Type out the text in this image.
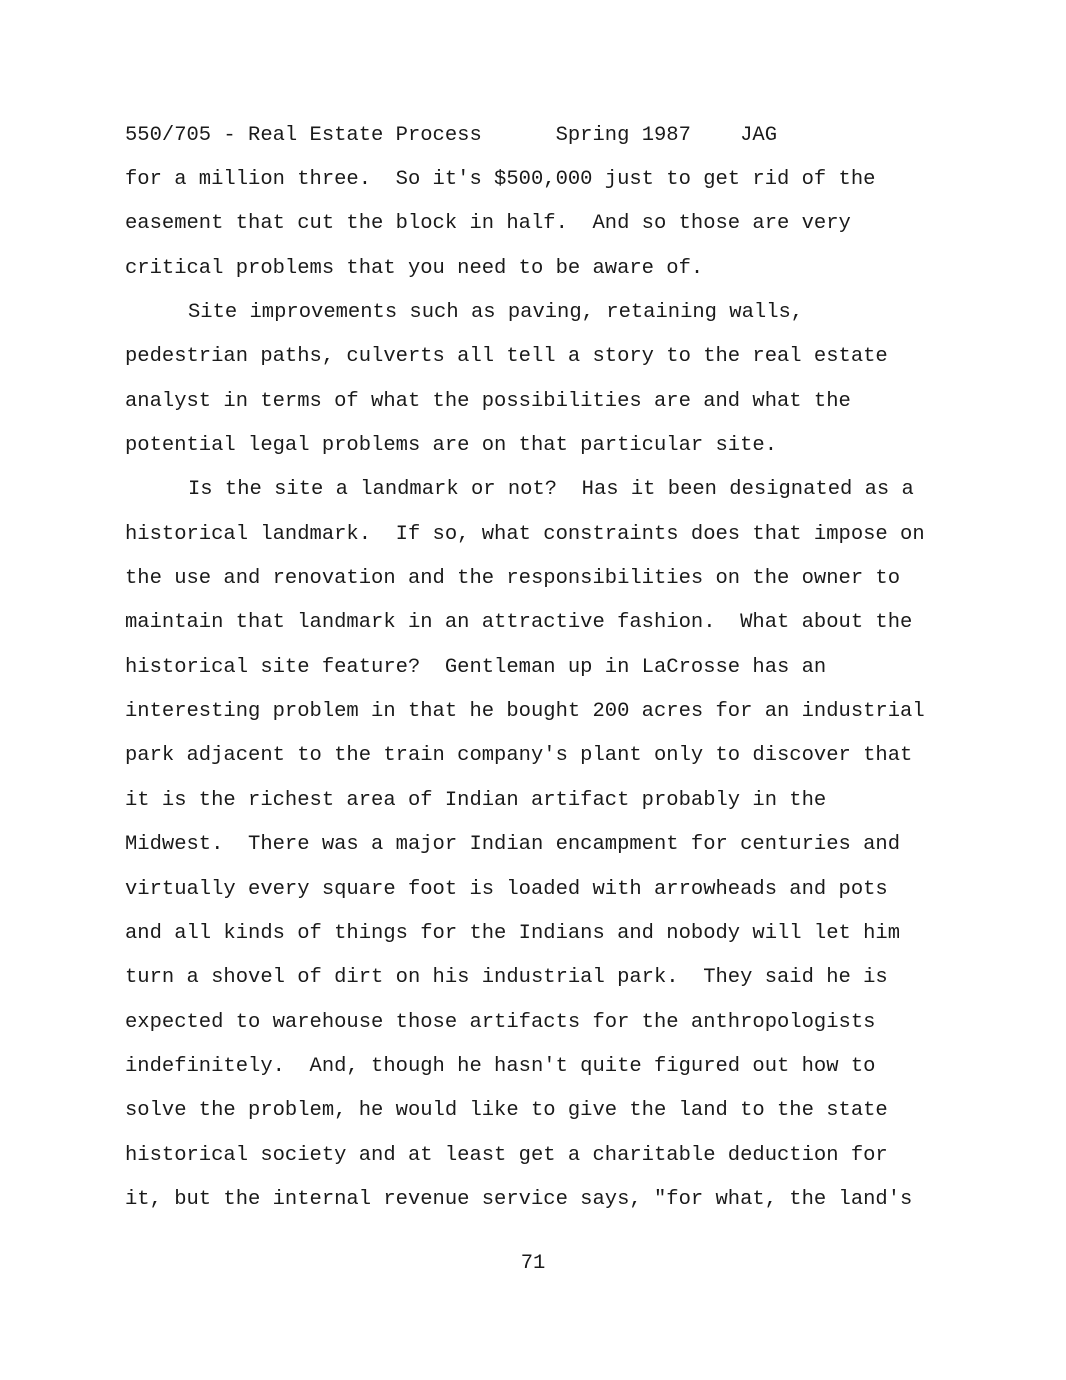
550/705 - Real Estate Process	Spring 1987 JAG
for a million three.  So it's $500,000 just to get rid of the
easement that cut the block in half.  And so those are very
critical problems that you need to be aware of.
Site improvements such as paving, retaining walls,
pedestrian paths, culverts all tell a story to the real estate
analyst in terms of what the possibilities are and what the
potential legal problems are on that particular site.
Is the site a landmark or not?  Has it been designated as a
historical landmark.  If so, what constraints does that impose on
the use and renovation and the responsibilities on the owner to
maintain that landmark in an attractive fashion.  What about the
historical site feature?  Gentleman up in LaCrosse has an
interesting problem in that he bought 200 acres for an industrial
park adjacent to the train company's plant only to discover that
it is the richest area of Indian artifact probably in the
Midwest.  There was a major Indian encampment for centuries and
virtually every square foot is loaded with arrowheads and pots
and all kinds of things for the Indians and nobody will let him
turn a shovel of dirt on his industrial park.  They said he is
expected to warehouse those artifacts for the anthropologists
indefinitely.  And, though he hasn't quite figured out how to
solve the problem, he would like to give the land to the state
historical society and at least get a charitable deduction for
it, but the internal revenue service says, "for what, the land's
71
